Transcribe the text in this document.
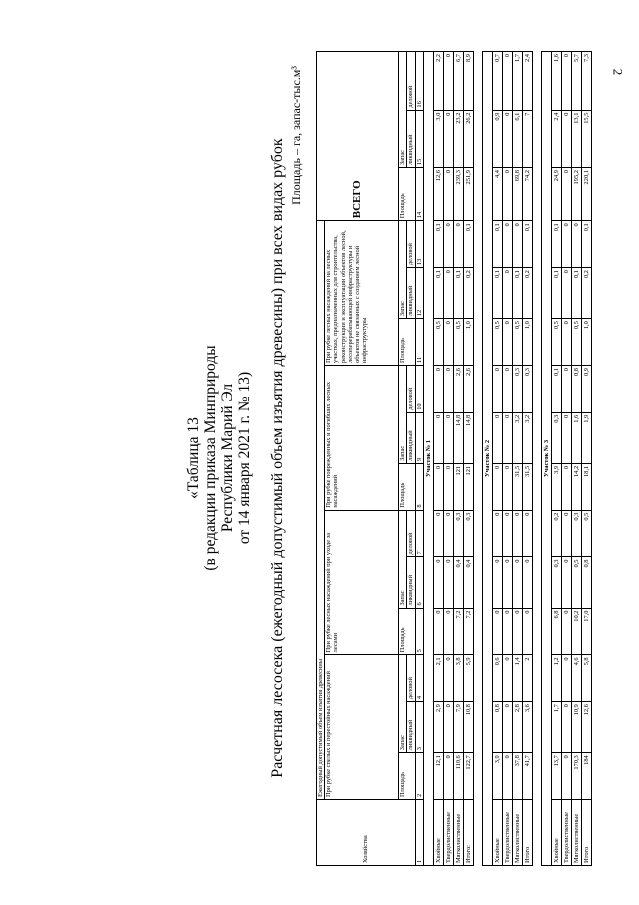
2
«Таблица 13 (в редакции приказа Минприроды Республики Марий Эл от 14 января 2021 г. № 13) Расчетная лесосека (ежегодный допустимый объем изъятия древесины) при всех видах рубок
Площадь – га, запас-тыс.м³
Хозяйства	Ежегодный допустимый объем изъятия древесины												ВСЕГО		
	При рубке спелых и перестойных насаждений			При рубке лесных насаждений при уходе за лесами			При рубке поврежденных и погибших лесных насаждений			При рубке лесных насаждений на лесных участках, предназначенных для строительства, реконструкции и эксплуатации объектов лесной, лесоперерабатывающей инфраструктуры и объектов не связанных с созданием лесной инфраструктуры					
	Площадь	Запас		Площадь	Запас		Площадь	Запас		Площадь	Запас		Площадь	Запас	
		ликвидный	деловой		ликвидный	деловой		ликвидный	деловой		ликвидный	деловой		ликвидный	деловой
1	2	3	4	5	6	7	8	9	10	11	12	13	14	15	16
Участок № 1															
Хвойные	12,1	2,9	2,1	0	0	0	0	0	0	0,5	0,1	0,1	12,6	3,0	2,2
Твердолиственные	0	0	0	0	0	0	0	0	0	0	0	0	0	0	0
Мягколиственные	110,6	7,9	3,8	7,2	0,4	0,3	121	14,8	2,6	0,5	0,1	0	239,3	23,2	6,7
Итого:	122,7	10,8	5,9	7,2	0,4	0,3	121	14,8	2,6	1,0	0,2	0,1	251,9	26,2	8,9

Участок № 2															
Хвойные	3,9	0,8	0,6	0	0	0	0	0	0	0,5	0,1	0,1	4,4	0,9	0,7
Твердолиственные	0	0	0	0	0	0	0	0	0	0	0	0	0	0	0
Мягколиственные	37,8	2,8	1,4	0	0	0	31,5	3,2	0,3	0,5	0,1	0	69,8	6,1	1,7
Итого	41,7	3,6	2	0	0	0	31,5	3,2	0,3	1,0	0,2	0,1	74,2	7	2,4

Участок № 3															
Хвойные	13,7	1,7	1,2	6,8	0,3	0,2	3,9	0,3	0,1	0,5	0,1	0,1	24,9	2,4	1,6
Твердолиственные	0	0	0	0	0	0	0	0	0	0	0	0	0	0	0
Мягколиственные	170,3	10,9	4,6	10,2	0,5	0,3	14,2	1,6	0,8	0,5	0,1	0	195,2	13,1	5,7
Итого	184	12,6	5,8	17,0	0,8	0,5	18,1	1,9	0,9	1,0	0,2	0,1	220,1	15,5	7,3
